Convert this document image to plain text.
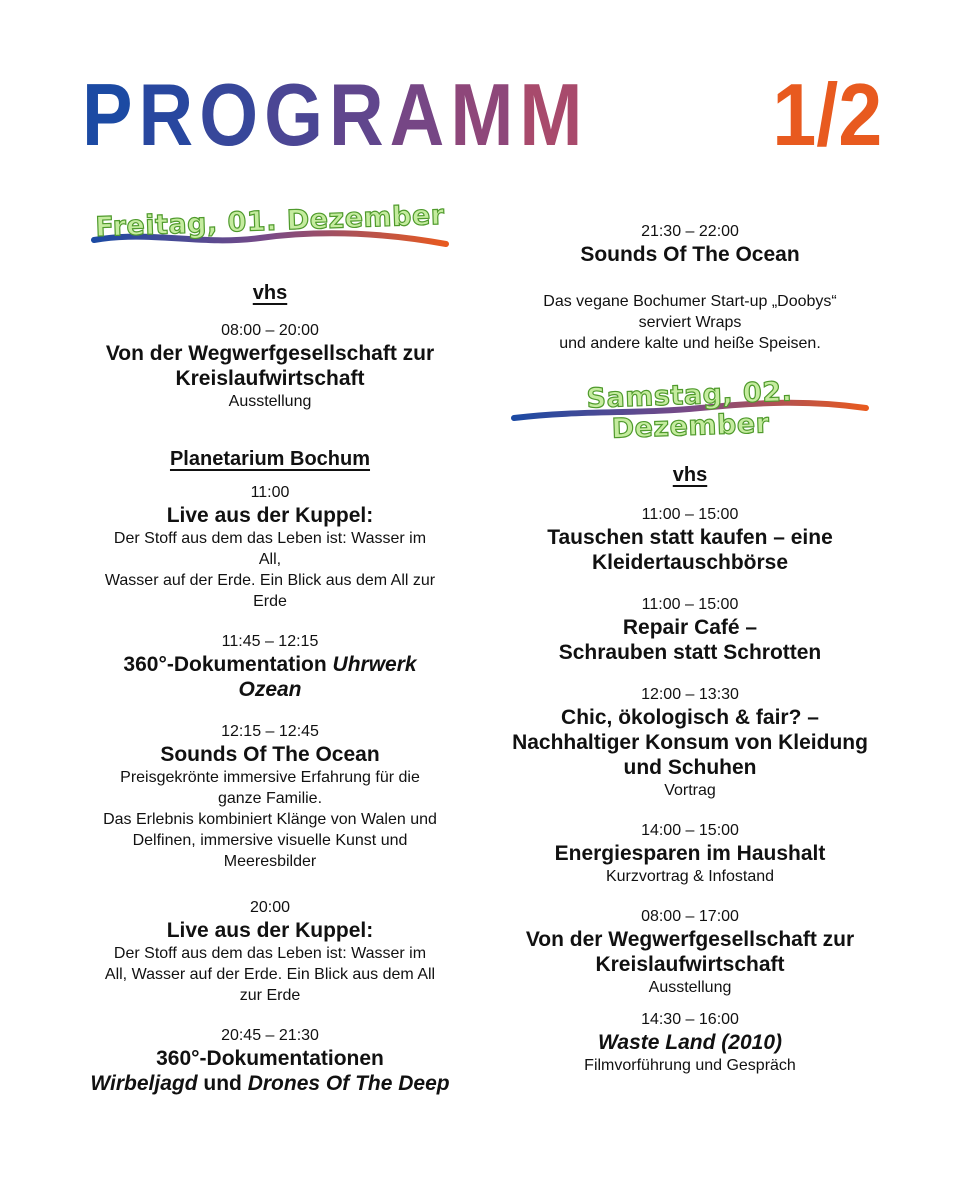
PROGRAMM 1/2
Freitag, 01. Dezember
vhs
08:00 – 20:00
Von der Wegwerfgesellschaft zur
Kreislaufwirtschaft
Ausstellung
Planetarium Bochum
11:00
Live aus der Kuppel:
Der Stoff aus dem das Leben ist: Wasser im
All,
Wasser auf der Erde. Ein Blick aus dem All zur
Erde
11:45 – 12:15
360°-Dokumentation Uhrwerk
Ozean
12:15 – 12:45
Sounds Of The Ocean
Preisgekrönte immersive Erfahrung für die
ganze Familie.
Das Erlebnis kombiniert Klänge von Walen und
Delfinen, immersive visuelle Kunst und
Meeresbilder
20:00
Live aus der Kuppel:
Der Stoff aus dem das Leben ist: Wasser im
All, Wasser auf der Erde. Ein Blick aus dem All
zur Erde
20:45 – 21:30
360°-Dokumentationen
Wirbeljagd und Drones Of The Deep
21:30 – 22:00
Sounds Of The Ocean
Das vegane Bochumer Start-up „Doobys“
serviert Wraps
und andere kalte und heiße Speisen.
Samstag, 02. Dezember
vhs
11:00 – 15:00
Tauschen statt kaufen – eine
Kleidertauschbörse
11:00 – 15:00
Repair Café –
Schrauben statt Schrotten
12:00 – 13:30
Chic, ökologisch & fair? –
Nachhaltiger Konsum von Kleidung
und Schuhen
Vortrag
14:00 – 15:00
Energiesparen im Haushalt
Kurzvortrag & Infostand
08:00 – 17:00
Von der Wegwerfgesellschaft zur
Kreislaufwirtschaft
Ausstellung
14:30 – 16:00
Waste Land (2010)
Filmvorführung und Gespräch
